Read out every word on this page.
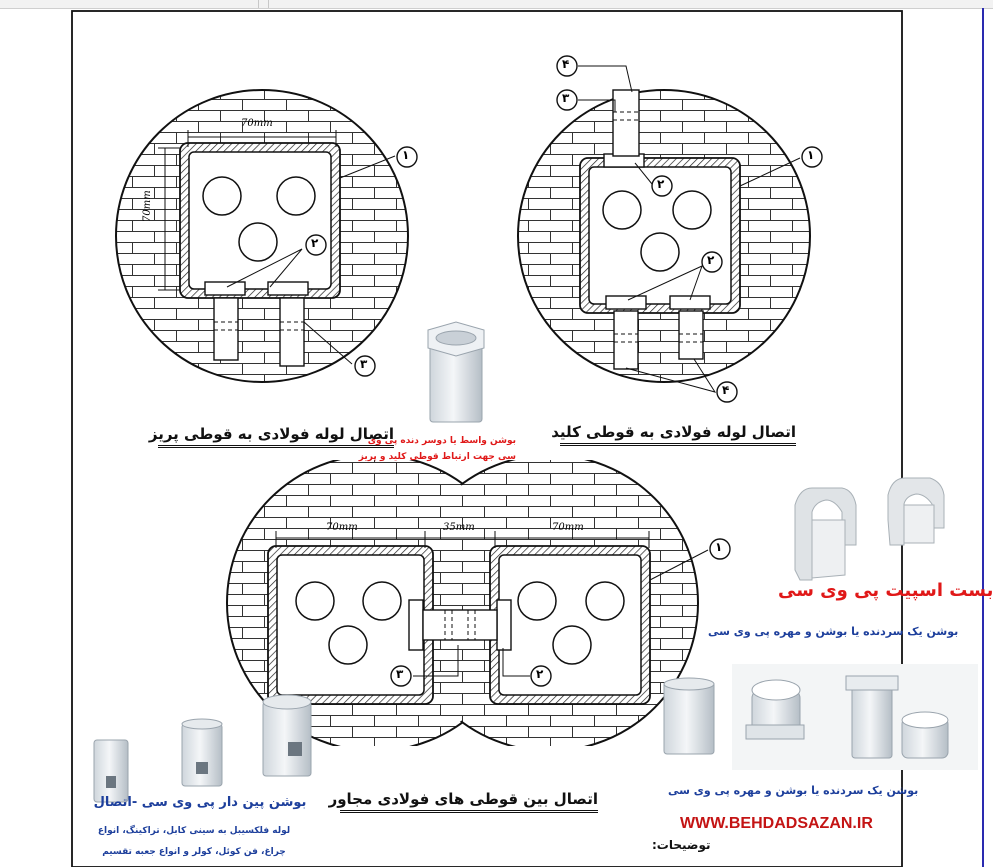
70mm
70mm
70mm	35mm	70mm
۱
۲
۳
۴
۳
۱
۲
۲
۴
۱
۳	۲
اتصال لوله فولادی به قوطی پریز	اتصال لوله فولادی به قوطی کلید
اتصال بین قوطی های فولادی مجاور
بوشن واسط یا دوسر دنده پی وی
سی جهت ارتباط قوطی کلید و پریز
بست اسپیت پی وی سی
بوشن یک سردنده یا بوشن و مهره پی وی سی
بوشن یک سردنده یا بوشن و مهره پی وی سی
WWW.BEHDADSAZAN.IR
بوشن پین دار پی وی سی -اتصال
لوله فلکسیبل به سینی کابل، تراکینگ، انواع
چراغ، فن کوئل، کولر و انواع جعبه تقسیم	توضیحات:
